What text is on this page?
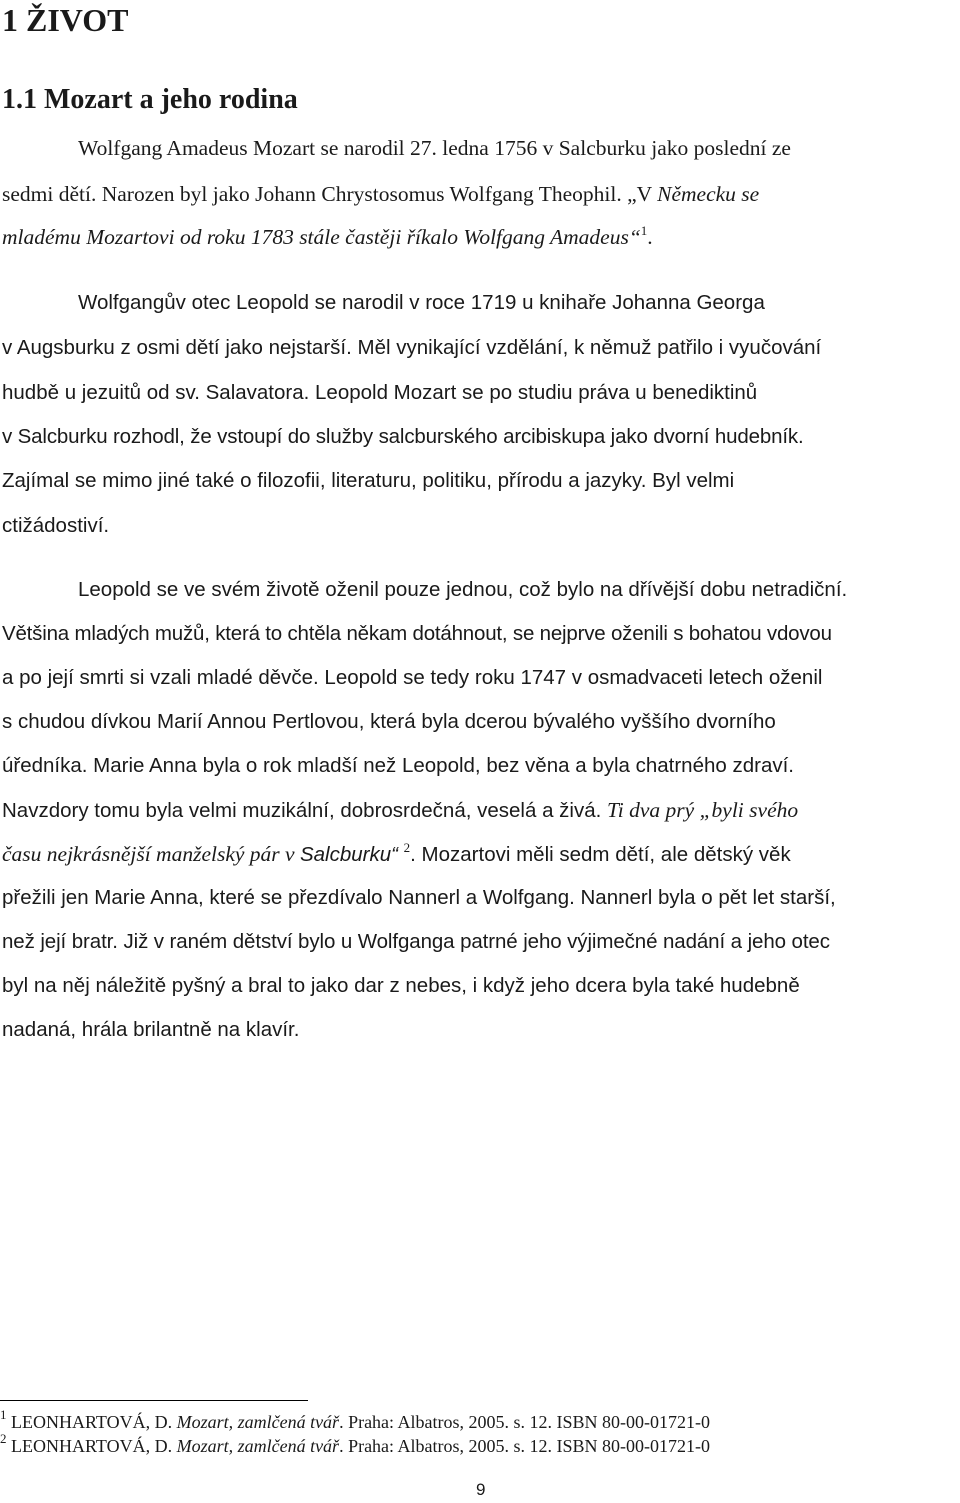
1 ŽIVOT
1.1 Mozart a jeho rodina
Wolfgang Amadeus Mozart se narodil 27. ledna 1756 v Salcburku jako poslední ze
sedmi dětí. Narozen byl jako Johann Chrystosomus Wolfgang Theophil. „V Německu se
mladému Mozartovi od roku 1783 stále častěji říkalo Wolfgang Amadeus“$^1$.
Wolfgangův otec Leopold se narodil v roce 1719 u knihaře Johanna Georga
v Augsburku z osmi dětí jako nejstarší. Měl vynikající vzdělání, k němuž patřilo i vyučování
hudbě u jezuitů od sv. Salavatora. Leopold Mozart se po studiu práva u benediktinů
v Salcburku rozhodl, že vstoupí do služby salcburského arcibiskupa jako dvorní hudebník.
Zajímal se mimo jiné také o filozofii, literaturu, politiku, přírodu a jazyky. Byl velmi
ctižádostiví.
Leopold se ve svém životě oženil pouze jednou, což bylo na dřívější dobu netradiční.
Většina mladých mužů, která to chtěla někam dotáhnout, se nejprve oženili s bohatou vdovou
a po její smrti si vzali mladé děvče. Leopold se tedy roku 1747 v osmadvaceti letech oženil
s chudou dívkou Marií Annou Pertlovou, která byla dcerou bývalého vyššího dvorního
úředníka. Marie Anna byla o rok mladší než Leopold, bez věna a byla chatrného zdraví.
Navzdory tomu byla velmi muzikální, dobrosrdečná, veselá a živá. Ti dva prý „byli svého
času nejkrásnější manželský pár v Salcburku“ $^2$. Mozartovi měli sedm dětí, ale dětský věk
přežili jen Marie Anna, které se přezdívalo Nannerl a Wolfgang. Nannerl byla o pět let starší,
než její bratr. Již v raném dětství bylo u Wolfganga patrné jeho výjimečné nadání a jeho otec
byl na něj náležitě pyšný a bral to jako dar z nebes, i když jeho dcera byla také hudebně
nadaná, hrála brilantně na klavír.
$^1$ LEONHARTOVÁ, D. Mozart, zamlčená tvář. Praha: Albatros, 2005. s. 12. ISBN 80-00-01721-0
$^2$ LEONHARTOVÁ, D. Mozart, zamlčená tvář. Praha: Albatros, 2005. s. 12. ISBN 80-00-01721-0
9
